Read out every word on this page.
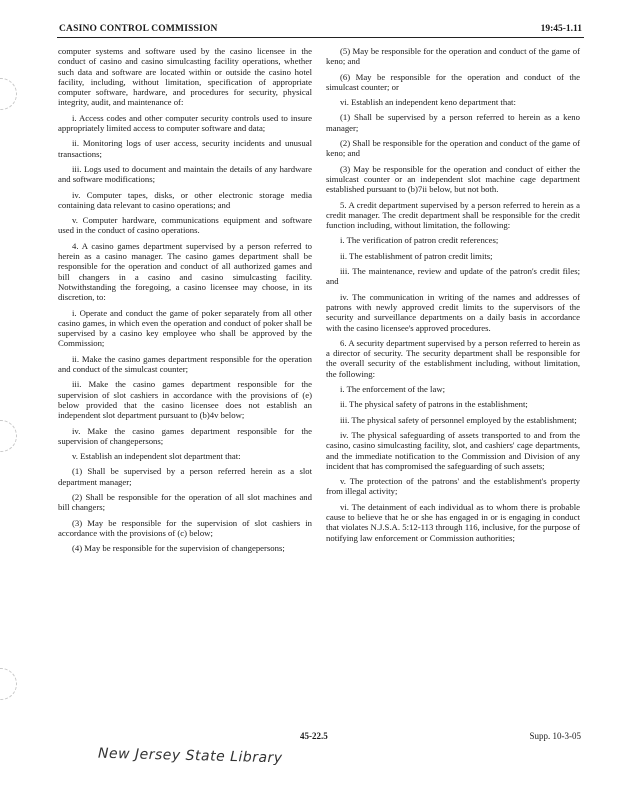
CASINO CONTROL COMMISSION	19:45-1.11

computer systems and software used by the casino licensee in the conduct of casino and casino simulcasting facility operations, whether such data and software are located within or outside the casino hotel facility, including, without limitation, specification of appropriate computer software, hardware, and procedures for security, physical integrity, audit, and maintenance of:

i. Access codes and other computer security controls used to insure appropriately limited access to computer software and data;

ii. Monitoring logs of user access, security incidents and unusual transactions;

iii. Logs used to document and maintain the details of any hardware and software modifications;

iv. Computer tapes, disks, or other electronic storage media containing data relevant to casino operations; and

v. Computer hardware, communications equipment and software used in the conduct of casino operations.

4. A casino games department supervised by a person referred to herein as a casino manager. The casino games department shall be responsible for the operation and conduct of all authorized games and bill changers in a casino and casino simulcasting facility. Notwithstanding the foregoing, a casino licensee may choose, in its discretion, to:

i. Operate and conduct the game of poker separately from all other casino games, in which even the operation and conduct of poker shall be supervised by a casino key employee who shall be approved by the Commission;

ii. Make the casino games department responsible for the operation and conduct of the simulcast counter;

iii. Make the casino games department responsible for the supervision of slot cashiers in accordance with the provisions of (e) below provided that the casino licensee does not establish an independent slot department pursuant to (b)4v below;

iv. Make the casino games department responsible for the supervision of changepersons;

v. Establish an independent slot department that:

(1) Shall be supervised by a person referred herein as a slot department manager;

(2) Shall be responsible for the operation of all slot machines and bill changers;

(3) May be responsible for the supervision of slot cashiers in accordance with the provisions of (c) below;

(4) May be responsible for the supervision of changepersons;

(5) May be responsible for the operation and conduct of the game of keno; and

(6) May be responsible for the operation and conduct of the simulcast counter; or

vi. Establish an independent keno department that:

(1) Shall be supervised by a person referred to herein as a keno manager;

(2) Shall be responsible for the operation and conduct of the game of keno; and

(3) May be responsible for the operation and conduct of either the simulcast counter or an independent slot machine cage department established pursuant to (b)7ii below, but not both.

5. A credit department supervised by a person referred to herein as a credit manager. The credit department shall be responsible for the credit function including, without limitation, the following:

i. The verification of patron credit references;

ii. The establishment of patron credit limits;

iii. The maintenance, review and update of the patron's credit files; and

iv. The communication in writing of the names and addresses of patrons with newly approved credit limits to the supervisors of the security and surveillance departments on a daily basis in accordance with the casino licensee's approved procedures.

6. A security department supervised by a person referred to herein as a director of security. The security department shall be responsible for the overall security of the establishment including, without limitation, the following:

i. The enforcement of the law;

ii. The physical safety of patrons in the establishment;

iii. The physical safety of personnel employed by the establishment;

iv. The physical safeguarding of assets transported to and from the casino, casino simulcasting facility, slot, and cashiers' cage departments, and the immediate notification to the Commission and Division of any incident that has compromised the safeguarding of such assets;

v. The protection of the patrons' and the establishment's property from illegal activity;

vi. The detainment of each individual as to whom there is probable cause to believe that he or she has engaged in or is engaging in conduct that violates N.J.S.A. 5:12-113 through 116, inclusive, for the purpose of notifying law enforcement or Commission authorities;

45-22.5	Supp. 10-3-05
New Jersey State Library
